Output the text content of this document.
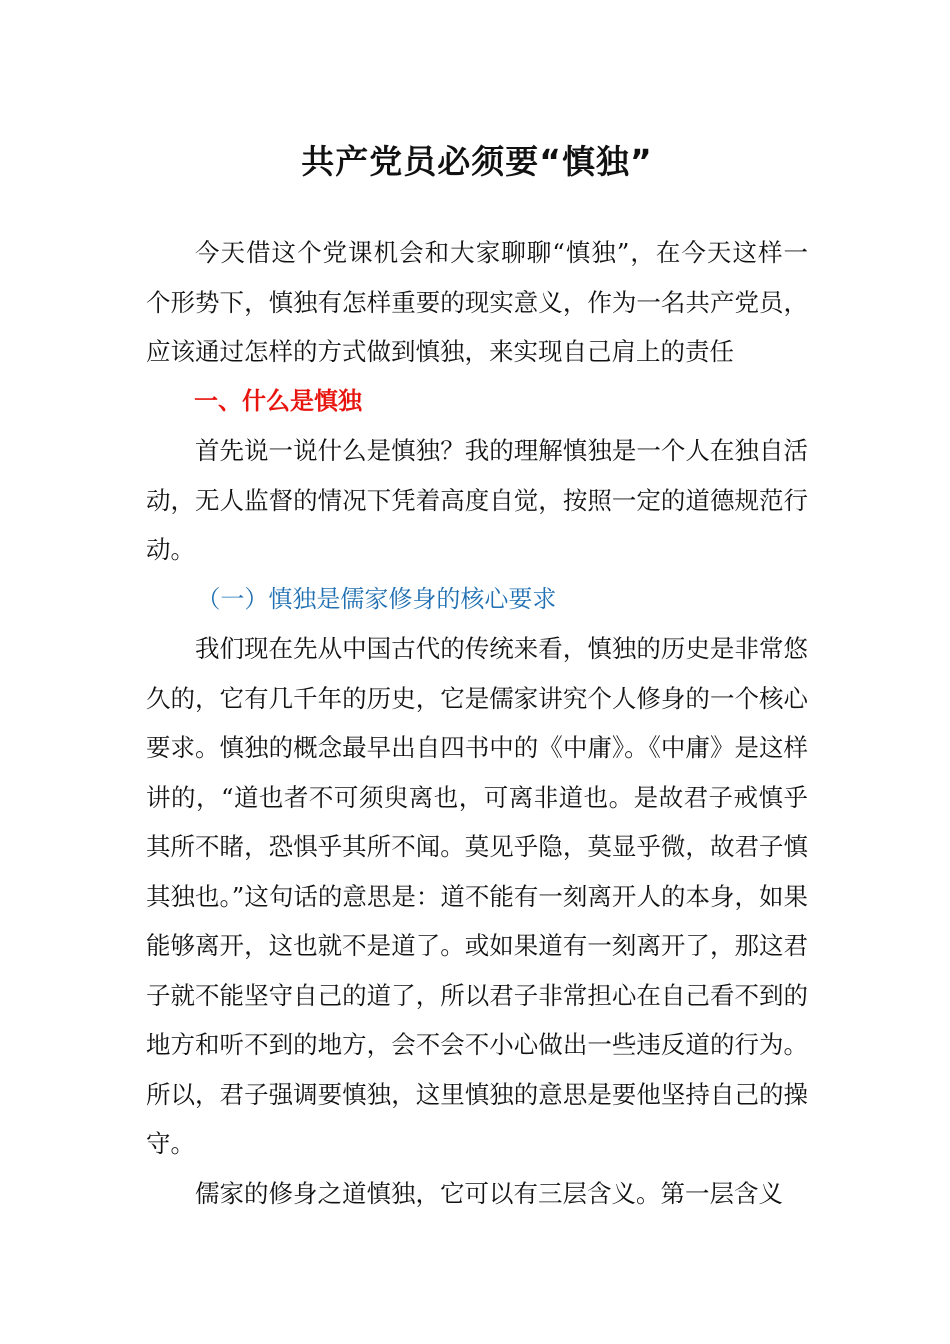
共产党员必须要“慎独”

今天借这个党课机会和大家聊聊“慎独”，在今天这样一个形势下，慎独有怎样重要的现实意义，作为一名共产党员，应该通过怎样的方式做到慎独，来实现自己肩上的责任

一、什么是慎独

首先说一说什么是慎独？我的理解慎独是一个人在独自活动，无人监督的情况下凭着高度自觉，按照一定的道德规范行动。

（一）慎独是儒家修身的核心要求

我们现在先从中国古代的传统来看，慎独的历史是非常悠久的，它有几千年的历史，它是儒家讲究个人修身的一个核心要求。慎独的概念最早出自四书中的《中庸》。《中庸》是这样讲的，“道也者不可须臾离也，可离非道也。是故君子戒慎乎其所不睹，恐惧乎其所不闻。莫见乎隐，莫显乎微，故君子慎其独也。”这句话的意思是：道不能有一刻离开人的本身，如果能够离开，这也就不是道了。或如果道有一刻离开了，那这君子就不能坚守自己的道了，所以君子非常担心在自己看不到的地方和听不到的地方，会不会不小心做出一些违反道的行为。所以，君子强调要慎独，这里慎独的意思是要他坚持自己的操守。

儒家的修身之道慎独，它可以有三层含义。第一层含义
